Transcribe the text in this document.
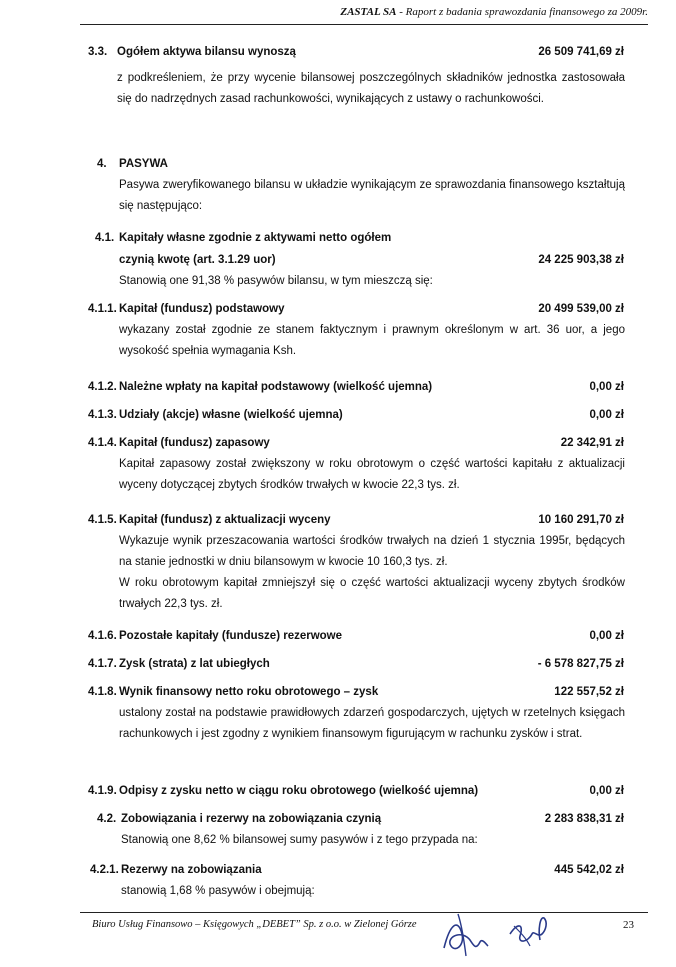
ZASTAL SA - Raport z badania sprawozdania finansowego za 2009r.
3.3. Ogółem aktywa bilansu wynoszą	26 509 741,69 zł
z podkreśleniem, że przy wycenie bilansowej poszczególnych składników jednostka zastosowała się do nadrzędnych zasad rachunkowości, wynikających z ustawy o rachunkowości.
4. PASYWA
Pasywa zweryfikowanego bilansu w układzie wynikającym ze sprawozdania finansowego kształtują się następująco:
4.1. Kapitały własne zgodnie z aktywami netto ogółem
czynią kwotę (art. 3.1.29 uor)	24 225 903,38 zł
Stanowią one 91,38 % pasywów bilansu, w tym mieszczą się:
4.1.1. Kapitał (fundusz) podstawowy	20 499 539,00 zł
wykazany został zgodnie ze stanem faktycznym i prawnym określonym w art. 36 uor, a jego wysokość spełnia wymagania Ksh.
4.1.2. Należne wpłaty na kapitał podstawowy (wielkość ujemna)	0,00 zł
4.1.3. Udziały (akcje) własne (wielkość ujemna)	0,00 zł
4.1.4. Kapitał (fundusz) zapasowy	22 342,91 zł
Kapitał zapasowy został zwiększony w roku obrotowym o część wartości kapitału z aktualizacji wyceny dotyczącej zbytych środków trwałych w kwocie 22,3 tys. zł.
4.1.5. Kapitał (fundusz) z aktualizacji wyceny	10 160 291,70 zł
Wykazuje wynik przeszacowania wartości środków trwałych na dzień 1 stycznia 1995r, będących na stanie jednostki w dniu bilansowym w kwocie 10 160,3 tys. zł.
W roku obrotowym kapitał zmniejszył się o część wartości aktualizacji wyceny zbytych środków trwałych 22,3 tys. zł.
4.1.6. Pozostałe kapitały (fundusze) rezerwowe	0,00 zł
4.1.7. Zysk (strata) z lat ubiegłych	- 6 578 827,75 zł
4.1.8. Wynik finansowy netto roku obrotowego – zysk	122 557,52 zł
ustalony został na podstawie prawidłowych zdarzeń gospodarczych, ujętych w rzetelnych księgach rachunkowych i jest zgodny z wynikiem finansowym figurującym w rachunku zysków i strat.
4.1.9. Odpisy z zysku netto w ciągu roku obrotowego (wielkość ujemna)	0,00 zł
4.2. Zobowiązania i rezerwy na zobowiązania czynią	2 283 838,31 zł
Stanowią one 8,62 % bilansowej sumy pasywów i z tego przypada na:
4.2.1. Rezerwy na zobowiązania	445 542,02 zł
stanowią 1,68 % pasywów i obejmują:
Biuro Usług Finansowo – Księgowych „DEBET” Sp. z o.o. w Zielonej Górze	23
